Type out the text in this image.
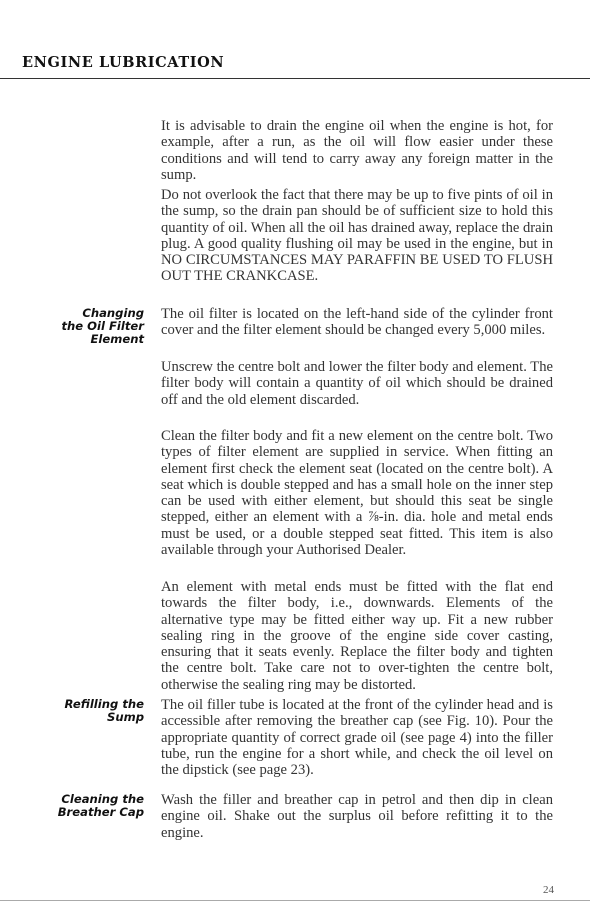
ENGINE LUBRICATION
It is advisable to drain the engine oil when the engine is hot, for example, after a run, as the oil will flow easier under these conditions and will tend to carry away any foreign matter in the sump.
Do not overlook the fact that there may be up to five pints of oil in the sump, so the drain pan should be of sufficient size to hold this quantity of oil. When all the oil has drained away, replace the drain plug. A good quality flushing oil may be used in the engine, but in NO CIRCUMSTANCES MAY PARAFFIN BE USED TO FLUSH OUT THE CRANKCASE.
Changing
the Oil Filter
Element
The oil filter is located on the left-hand side of the cylinder front cover and the filter element should be changed every 5,000 miles.
Unscrew the centre bolt and lower the filter body and element. The filter body will contain a quantity of oil which should be drained off and the old element discarded.
Clean the filter body and fit a new element on the centre bolt. Two types of filter element are supplied in service. When fitting an element first check the element seat (located on the centre bolt). A seat which is double stepped and has a small hole on the inner step can be used with either element, but should this seat be single stepped, either an element with a ⅞-in. dia. hole and metal ends must be used, or a double stepped seat fitted. This item is also available through your Authorised Dealer.
An element with metal ends must be fitted with the flat end towards the filter body, i.e., downwards. Elements of the alternative type may be fitted either way up. Fit a new rubber sealing ring in the groove of the engine side cover casting, ensuring that it seats evenly. Replace the filter body and tighten the centre bolt. Take care not to over-tighten the centre bolt, otherwise the sealing ring may be distorted.
Refilling the
Sump
The oil filler tube is located at the front of the cylinder head and is accessible after removing the breather cap (see Fig. 10). Pour the appropriate quantity of correct grade oil (see page 4) into the filler tube, run the engine for a short while, and check the oil level on the dipstick (see page 23).
Cleaning the
Breather Cap
Wash the filler and breather cap in petrol and then dip in clean engine oil. Shake out the surplus oil before refitting it to the engine.
24
